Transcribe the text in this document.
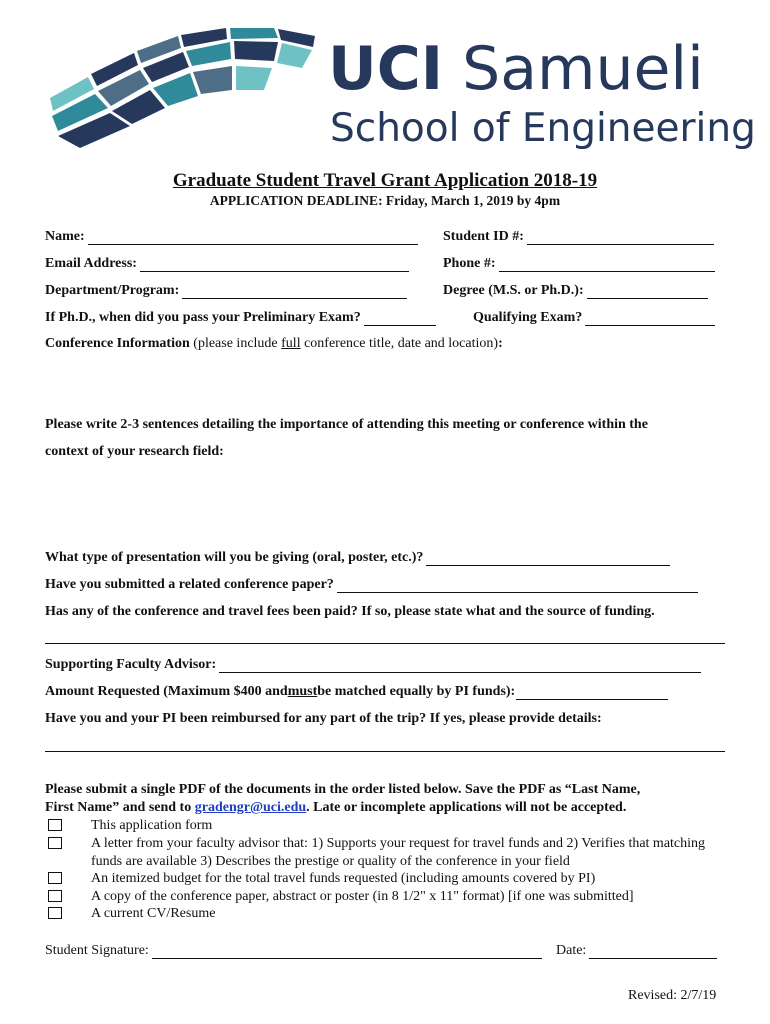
UCI Samueli
School of Engineering
Graduate Student Travel Grant Application 2018-19
APPLICATION DEADLINE: Friday, March 1, 2019 by 4pm
Name:	Student ID #:
Email Address:	Phone #:
Department/Program:	Degree (M.S. or Ph.D.):
If Ph.D., when did you pass your Preliminary Exam?	Qualifying Exam?
Conference Information (please include full conference title, date and location):
Please write 2-3 sentences detailing the importance of attending this meeting or conference within the
context of your research field:
What type of presentation will you be giving (oral, poster, etc.)?
Have you submitted a related conference paper?
Has any of the conference and travel fees been paid? If so, please state what and the source of funding.
Supporting Faculty Advisor:
Amount Requested (Maximum $400 and must be matched equally by PI funds):
Have you and your PI been reimbursed for any part of the trip? If yes, please provide details:
Please submit a single PDF of the documents in the order listed below. Save the PDF as “Last Name,
First Name” and send to gradengr@uci.edu. Late or incomplete applications will not be accepted.
This application form
A letter from your faculty advisor that: 1) Supports your request for travel funds and 2) Verifies that matching funds are available 3) Describes the prestige or quality of the conference in your field
An itemized budget for the total travel funds requested (including amounts covered by PI)
A copy of the conference paper, abstract or poster (in 8 1/2" x 11" format) [if one was submitted]
A current CV/Resume
Student Signature:	Date:
Revised: 2/7/19
